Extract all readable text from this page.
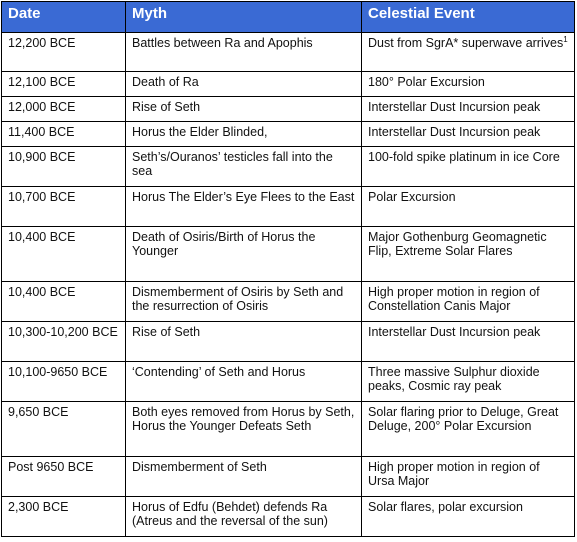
Date	Myth	Celestial Event
12,200 BCE	Battles between Ra and Apophis	Dust from SgrA* superwave arrives$^1$
12,100 BCE	Death of Ra	180° Polar Excursion
12,000 BCE	Rise of Seth	Interstellar Dust Incursion peak
11,400 BCE	Horus the Elder Blinded,	Interstellar Dust Incursion peak
10,900 BCE	Seth’s/Ouranos’ testicles fall into the sea	100-fold spike platinum in ice Core
10,700 BCE	Horus The Elder’s Eye Flees to the East	Polar Excursion
10,400 BCE	Death of Osiris/Birth of Horus the Younger	Major Gothenburg Geomagnetic Flip, Extreme Solar Flares
10,400 BCE	Dismemberment of Osiris by Seth and the resurrection of Osiris	High proper motion in region of Constellation Canis Major
10,300-10,200 BCE	Rise of Seth	Interstellar Dust Incursion peak
10,100-9650 BCE	‘Contending’ of Seth and Horus	Three massive Sulphur dioxide peaks, Cosmic ray peak
9,650 BCE	Both eyes removed from Horus by Seth, Horus the Younger Defeats Seth	Solar flaring prior to Deluge, Great Deluge, 200° Polar Excursion
Post 9650 BCE	Dismemberment of Seth	High proper motion in region of Ursa Major
2,300 BCE	Horus of Edfu (Behdet) defends Ra (Atreus and the reversal of the sun)	Solar flares, polar excursion
